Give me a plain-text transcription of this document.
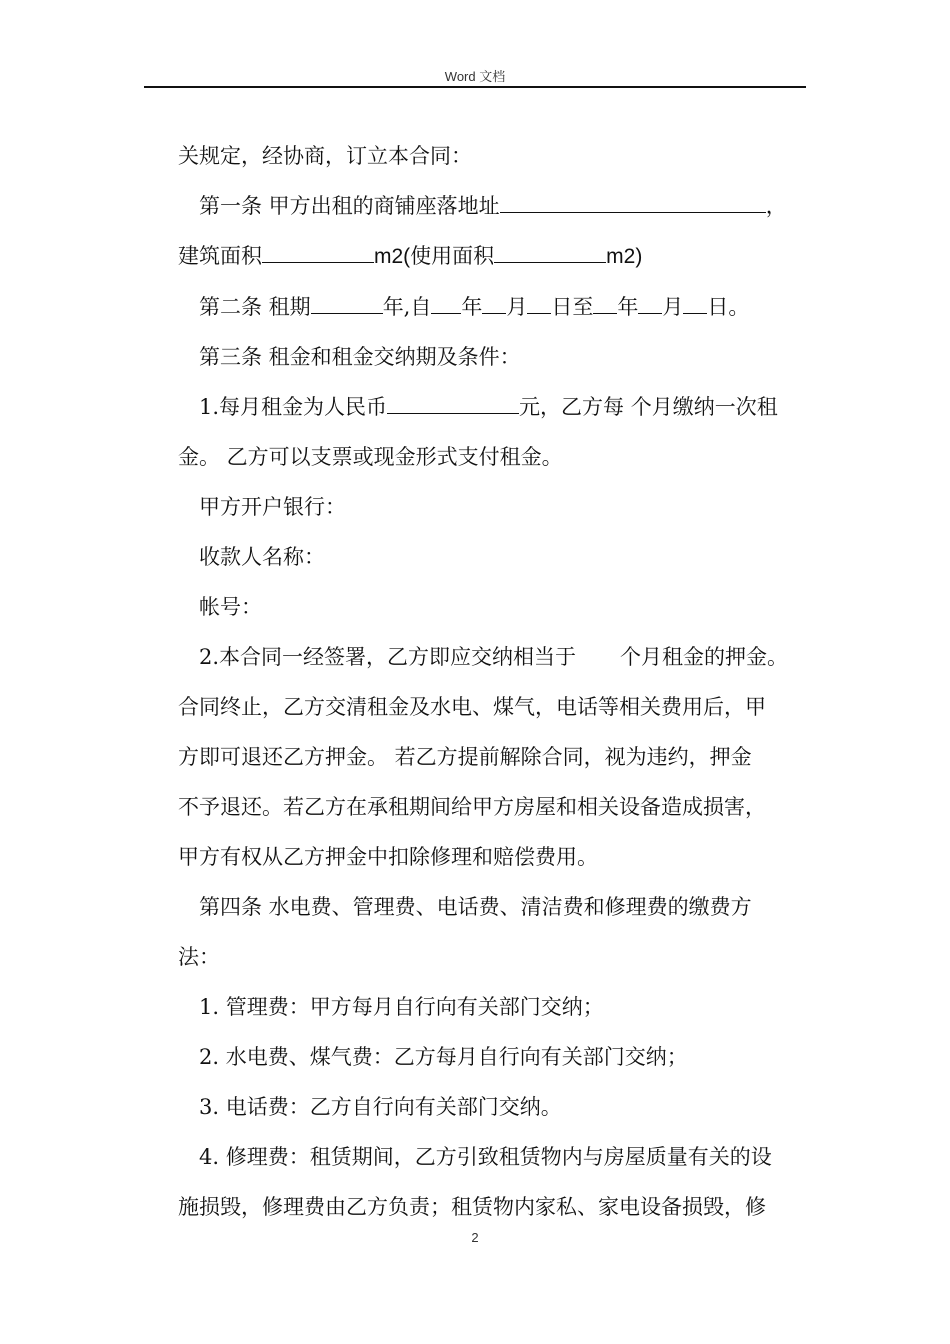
Word 文档

关规定，经协商，订立本合同：

第一条 甲方出租的商铺座落地址	，

建筑面积	m2(使用面积	m2)

第二条 租期	年,自 年 月 日至 年 月 日。

第三条 租金和租金交纳期及条件：

1.每月租金为人民币	元，乙方每 个月缴纳一次租

金。 乙方可以支票或现金形式支付租金。

甲方开户银行：

收款人名称：

帐号：

2.本合同一经签署，乙方即应交纳相当于 个月租金的押金。

合同终止，乙方交清租金及水电、煤气，电话等相关费用后，甲

方即可退还乙方押金。 若乙方提前解除合同，视为违约，押金

不予退还。若乙方在承租期间给甲方房屋和相关设备造成损害，

甲方有权从乙方押金中扣除修理和赔偿费用。

第四条 水电费、管理费、电话费、清洁费和修理费的缴费方

法：

1. 管理费：甲方每月自行向有关部门交纳；

2. 水电费、煤气费：乙方每月自行向有关部门交纳；

3. 电话费：乙方自行向有关部门交纳。

4. 修理费：租赁期间，乙方引致租赁物内与房屋质量有关的设

施损毁，修理费由乙方负责；租赁物内家私、家电设备损毁，修

2
